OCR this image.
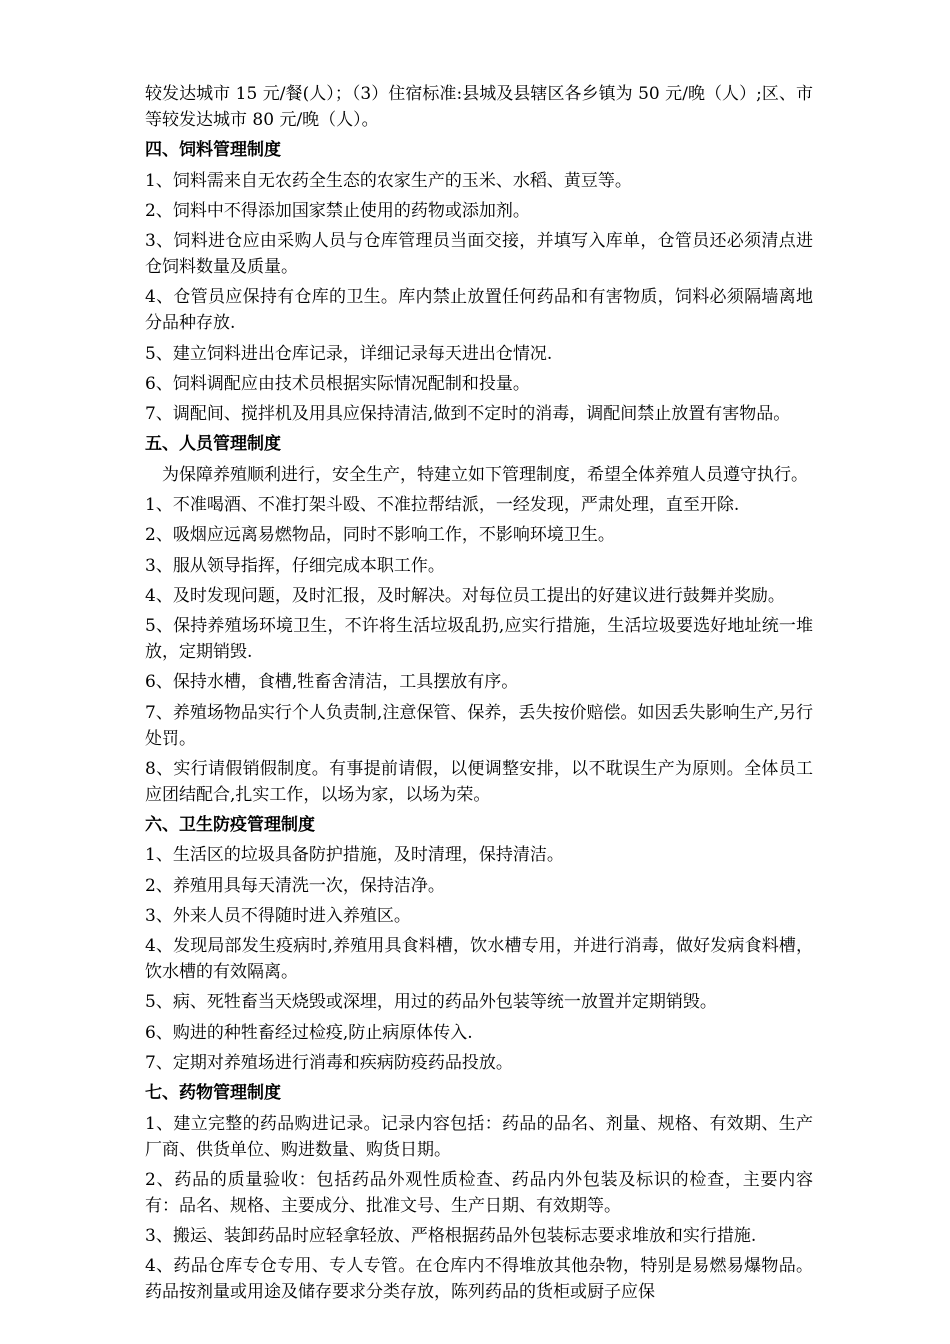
较发达城市 15 元/餐(人）；（3）住宿标准:县城及县辖区各乡镇为 50 元/晚（人）;区、市等较发达城市 80 元/晚（人）。

四、饲料管理制度

1、饲料需来自无农药全生态的农家生产的玉米、水稻、黄豆等。

2、饲料中不得添加国家禁止使用的药物或添加剂。

3、饲料进仓应由采购人员与仓库管理员当面交接，并填写入库单，仓管员还必须清点进仓饲料数量及质量。

4、仓管员应保持有仓库的卫生。库内禁止放置任何药品和有害物质，饲料必须隔墙离地分品种存放.

5、建立饲料进出仓库记录，详细记录每天进出仓情况.

6、饲料调配应由技术员根据实际情况配制和投量。

7、调配间、搅拌机及用具应保持清洁,做到不定时的消毒，调配间禁止放置有害物品。

五、人员管理制度

为保障养殖顺利进行，安全生产，特建立如下管理制度，希望全体养殖人员遵守执行。

1、不准喝酒、不准打架斗殴、不准拉帮结派，一经发现，严肃处理，直至开除.

2、吸烟应远离易燃物品，同时不影响工作，不影响环境卫生。

3、服从领导指挥，仔细完成本职工作。

4、及时发现问题，及时汇报，及时解决。对每位员工提出的好建议进行鼓舞并奖励。

5、保持养殖场环境卫生，不许将生活垃圾乱扔,应实行措施，生活垃圾要选好地址统一堆放，定期销毁.

6、保持水槽，食槽,牲畜舍清洁，工具摆放有序。

7、养殖场物品实行个人负责制,注意保管、保养，丢失按价赔偿。如因丢失影响生产,另行处罚。

8、实行请假销假制度。有事提前请假，以便调整安排，以不耽误生产为原则。全体员工应团结配合,扎实工作，以场为家，以场为荣。

六、卫生防疫管理制度

1、生活区的垃圾具备防护措施，及时清理，保持清洁。

2、养殖用具每天清洗一次，保持洁净。

3、外来人员不得随时进入养殖区。

4、发现局部发生疫病时,养殖用具食料槽，饮水槽专用，并进行消毒，做好发病食料槽，饮水槽的有效隔离。

5、病、死牲畜当天烧毁或深埋，用过的药品外包装等统一放置并定期销毁。

6、购进的种牲畜经过检疫,防止病原体传入.

7、定期对养殖场进行消毒和疾病防疫药品投放。

七、药物管理制度

1、建立完整的药品购进记录。记录内容包括：药品的品名、剂量、规格、有效期、生产厂商、供货单位、购进数量、购货日期。

2、药品的质量验收：包括药品外观性质检查、药品内外包装及标识的检查，主要内容有：品名、规格、主要成分、批准文号、生产日期、有效期等。

3、搬运、装卸药品时应轻拿轻放、严格根据药品外包装标志要求堆放和实行措施.

4、药品仓库专仓专用、专人专管。在仓库内不得堆放其他杂物，特别是易燃易爆物品。药品按剂量或用途及储存要求分类存放，陈列药品的货柜或厨子应保
